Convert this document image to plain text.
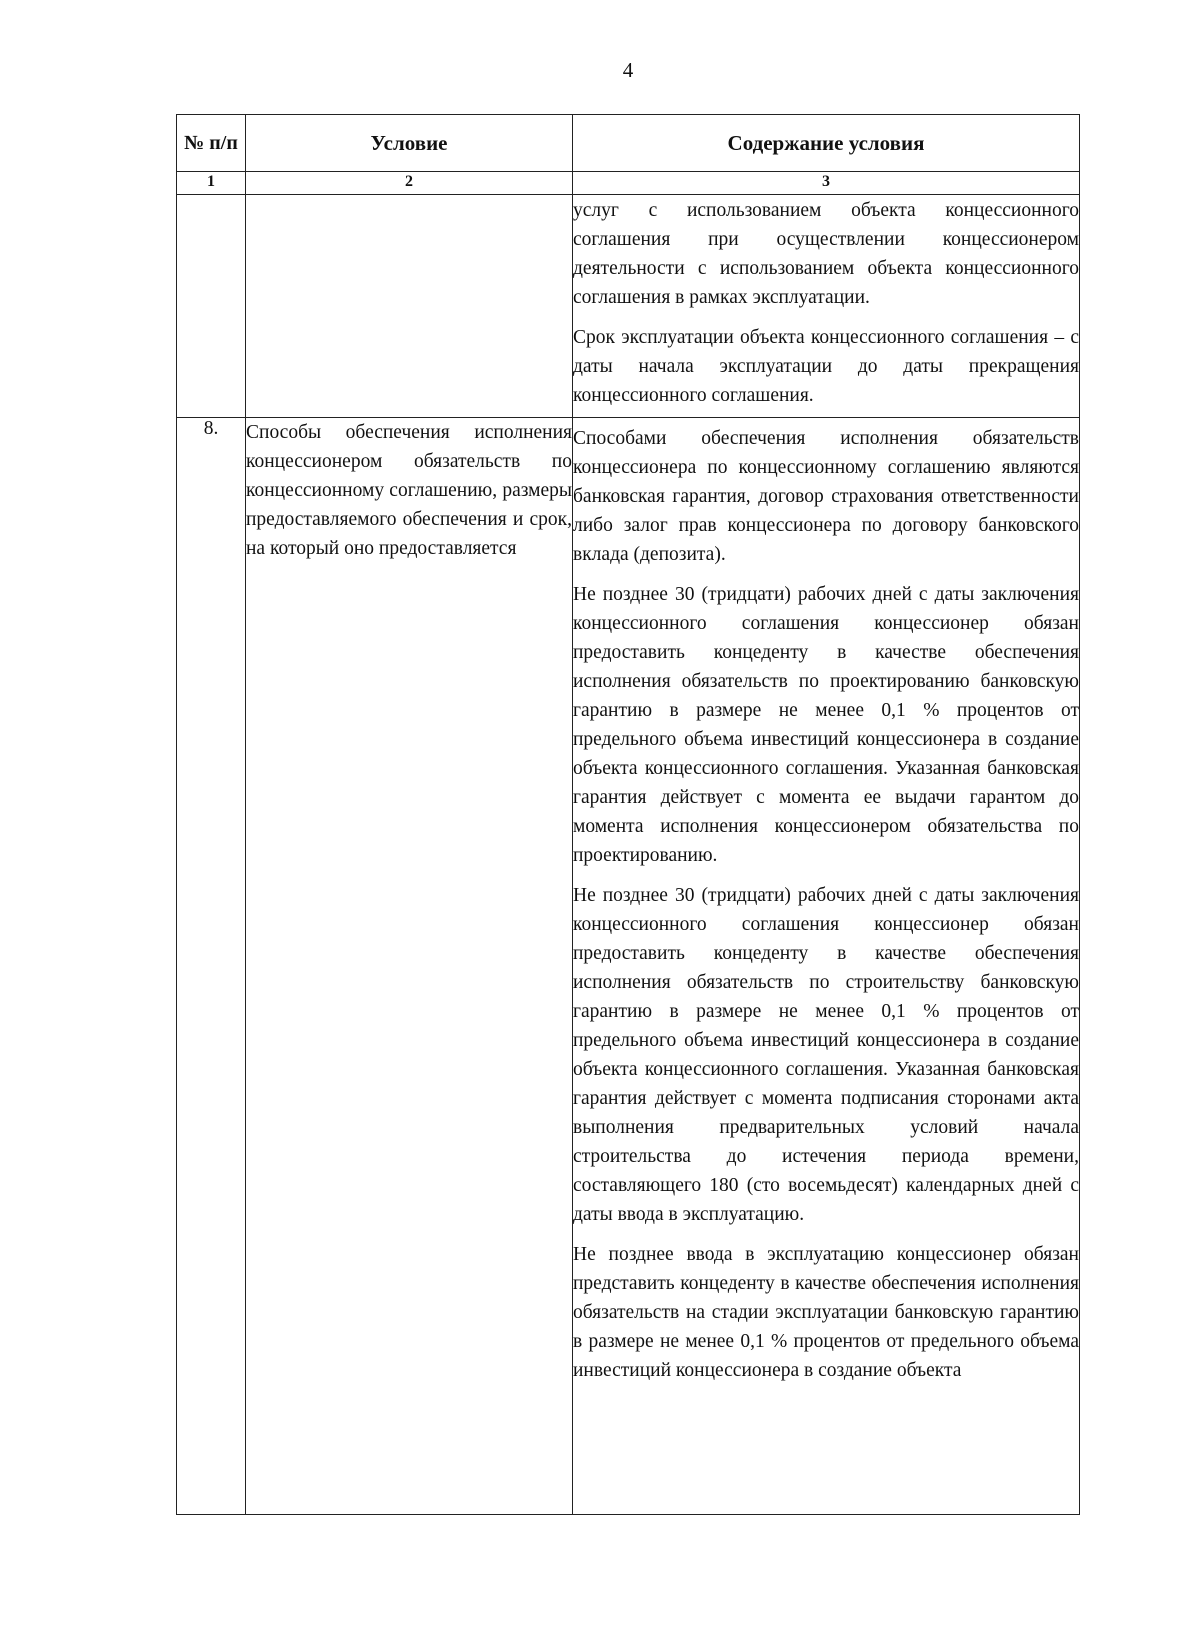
4
№ п/п	Условие	Содержание условия
1	2	3

		услуг с использованием объекта концессионного соглашения при осуществлении концессионером деятельности с использованием объекта концессионного соглашения в рамках эксплуатации.

Срок эксплуатации объекта концессионного соглашения – с даты начала эксплуатации до даты прекращения концессионного соглашения.

8.	Способы обеспечения исполнения концессионером обязательств по концессионному соглашению, размеры предоставляемого обеспечения и срок, на который оно предоставляется	Способами обеспечения исполнения обязательств концессионера по концессионному соглашению являются банковская гарантия, договор страхования ответственности либо залог прав концессионера по договору банковского вклада (депозита).

Не позднее 30 (тридцати) рабочих дней с даты заключения концессионного соглашения концессионер обязан предоставить концеденту в качестве обеспечения исполнения обязательств по проектированию банковскую гарантию в размере не менее 0,1 % процентов от предельного объема инвестиций концессионера в создание объекта концессионного соглашения. Указанная банковская гарантия действует с момента ее выдачи гарантом до момента исполнения концессионером обязательства по проектированию.

Не позднее 30 (тридцати) рабочих дней с даты заключения концессионного соглашения концессионер обязан предоставить концеденту в качестве обеспечения исполнения обязательств по строительству банковскую гарантию в размере не менее 0,1 % процентов от предельного объема инвестиций концессионера в создание объекта концессионного соглашения. Указанная банковская гарантия действует с момента подписания сторонами акта выполнения предварительных условий начала строительства до истечения периода времени, составляющего 180 (сто восемьдесят) календарных дней с даты ввода в эксплуатацию.

Не позднее ввода в эксплуатацию концессионер обязан представить концеденту в качестве обеспечения исполнения обязательств на стадии эксплуатации банковскую гарантию в размере не менее 0,1 % процентов от предельного объема инвестиций концессионера в создание объекта
